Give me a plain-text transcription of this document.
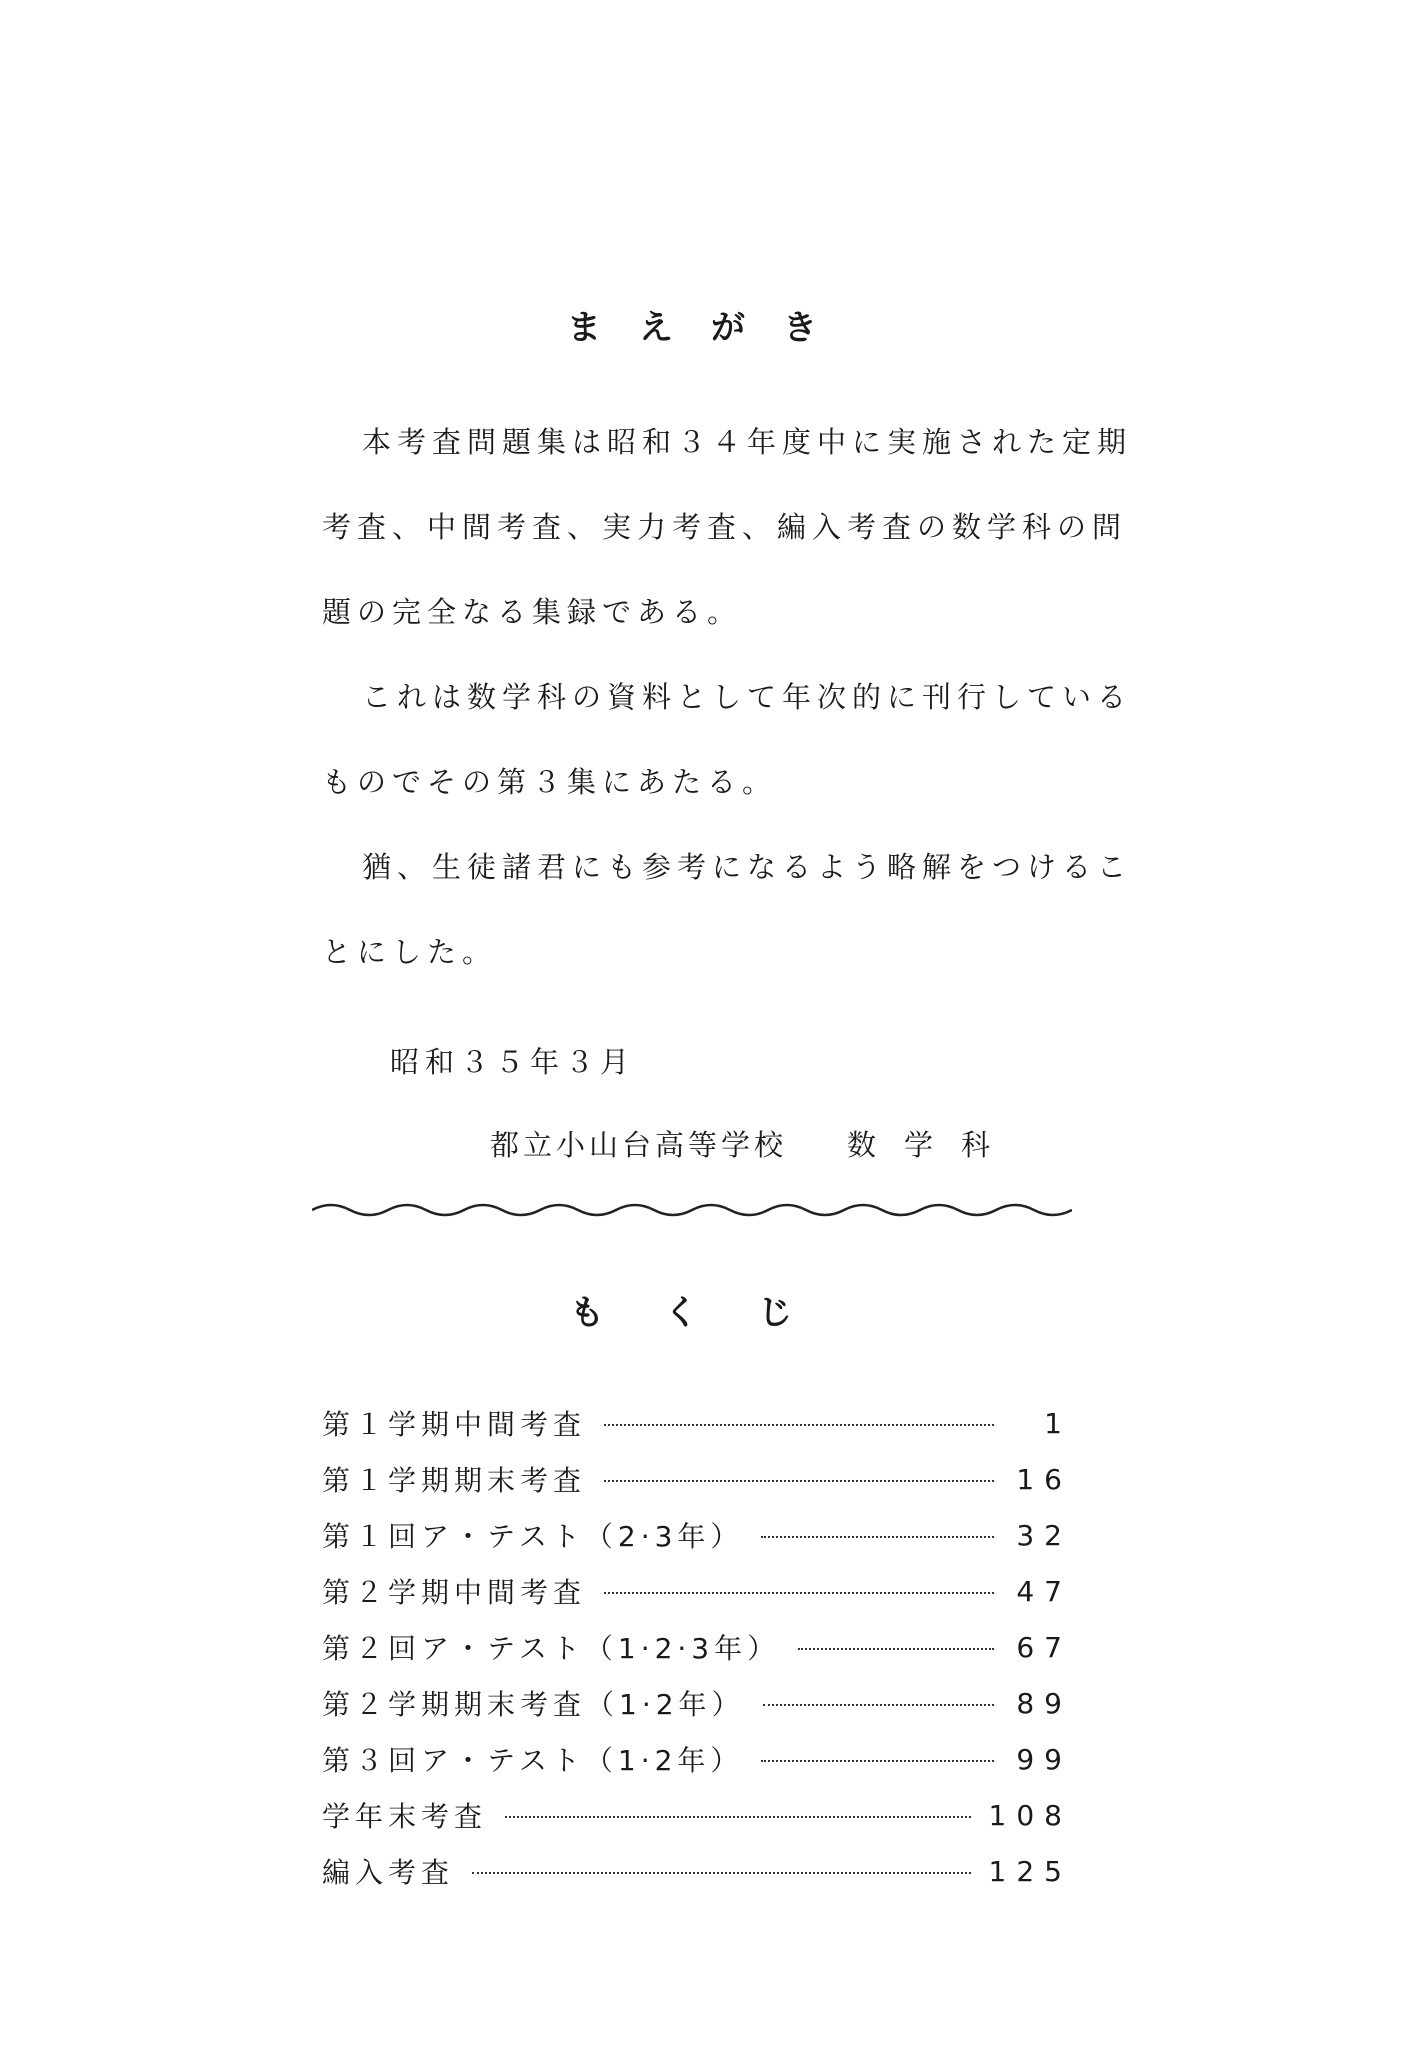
まえがき
本考査問題集は昭和３４年度中に実施された定期
考査、中間考査、実力考査、編入考査の数学科の問
題の完全なる集録である。
これは数学科の資料として年次的に刊行している
ものでその第３集にあたる。
猶、生徒諸君にも参考になるよう略解をつけるこ
とにした。
昭和３５年３月
都立小山台高等学校 数学科
もくじ
第１学期中間考査	1
第１学期期末考査	16
第１回ア・テスト（2·3年）	32
第２学期中間考査	47
第２回ア・テスト（1·2·3年）	67
第２学期期末考査（1·2年）	89
第３回ア・テスト（1·2年）	99
学年末考査	108
編入考査	125
